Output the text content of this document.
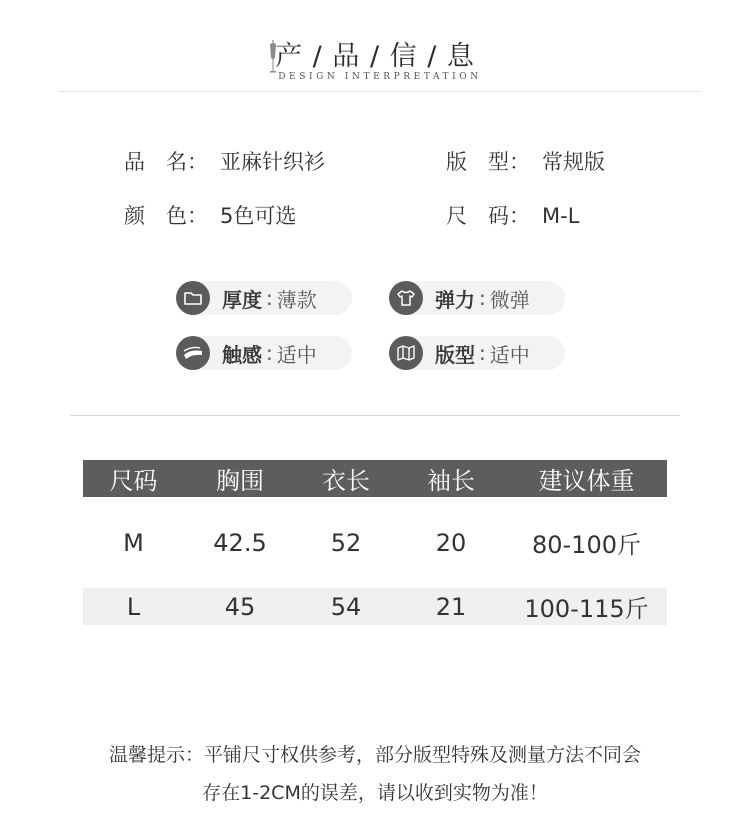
产 / 品 / 信 / 息
DESIGN INTERPRETATION
品　名： 亚麻针织衫	版　型： 常规版
颜　色： 5色可选	尺　码： M-L
厚度 : 薄款	弹力 : 微弹
触感 : 适中	版型 : 适中
尺码	胸围	衣长	袖长	建议体重
M	42.5	52	20	80-100斤
L	45	54	21	100-115斤
温馨提示：平铺尺寸权供参考，部分版型特殊及测量方法不同会
存在1-2CM的误差，请以收到实物为准！
